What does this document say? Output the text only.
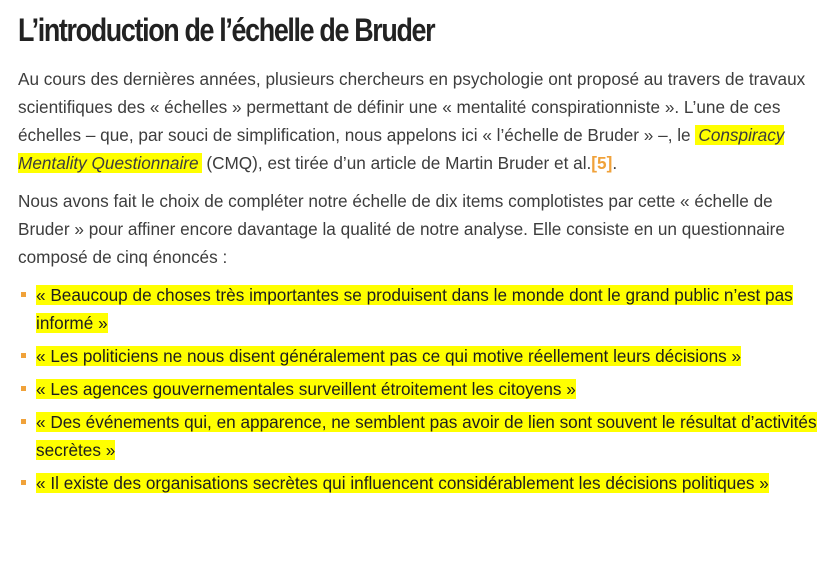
L’introduction de l’échelle de Bruder

Au cours des dernières années, plusieurs chercheurs en psychologie ont proposé au travers de travaux scientifiques des « échelles » permettant de définir une « mentalité conspirationniste ». L’une de ces échelles – que, par souci de simplification, nous appelons ici « l’échelle de Bruder » –, le Conspiracy Mentality Questionnaire (CMQ), est tirée d’un article de Martin Bruder et al.[5].

Nous avons fait le choix de compléter notre échelle de dix items complotistes par cette « échelle de Bruder » pour affiner encore davantage la qualité de notre analyse. Elle consiste en un questionnaire composé de cinq énoncés :

« Beaucoup de choses très importantes se produisent dans le monde dont le grand public n’est pas informé »
« Les politiciens ne nous disent généralement pas ce qui motive réellement leurs décisions »
« Les agences gouvernementales surveillent étroitement les citoyens »
« Des événements qui, en apparence, ne semblent pas avoir de lien sont souvent le résultat d’activités secrètes »
« Il existe des organisations secrètes qui influencent considérablement les décisions politiques »
